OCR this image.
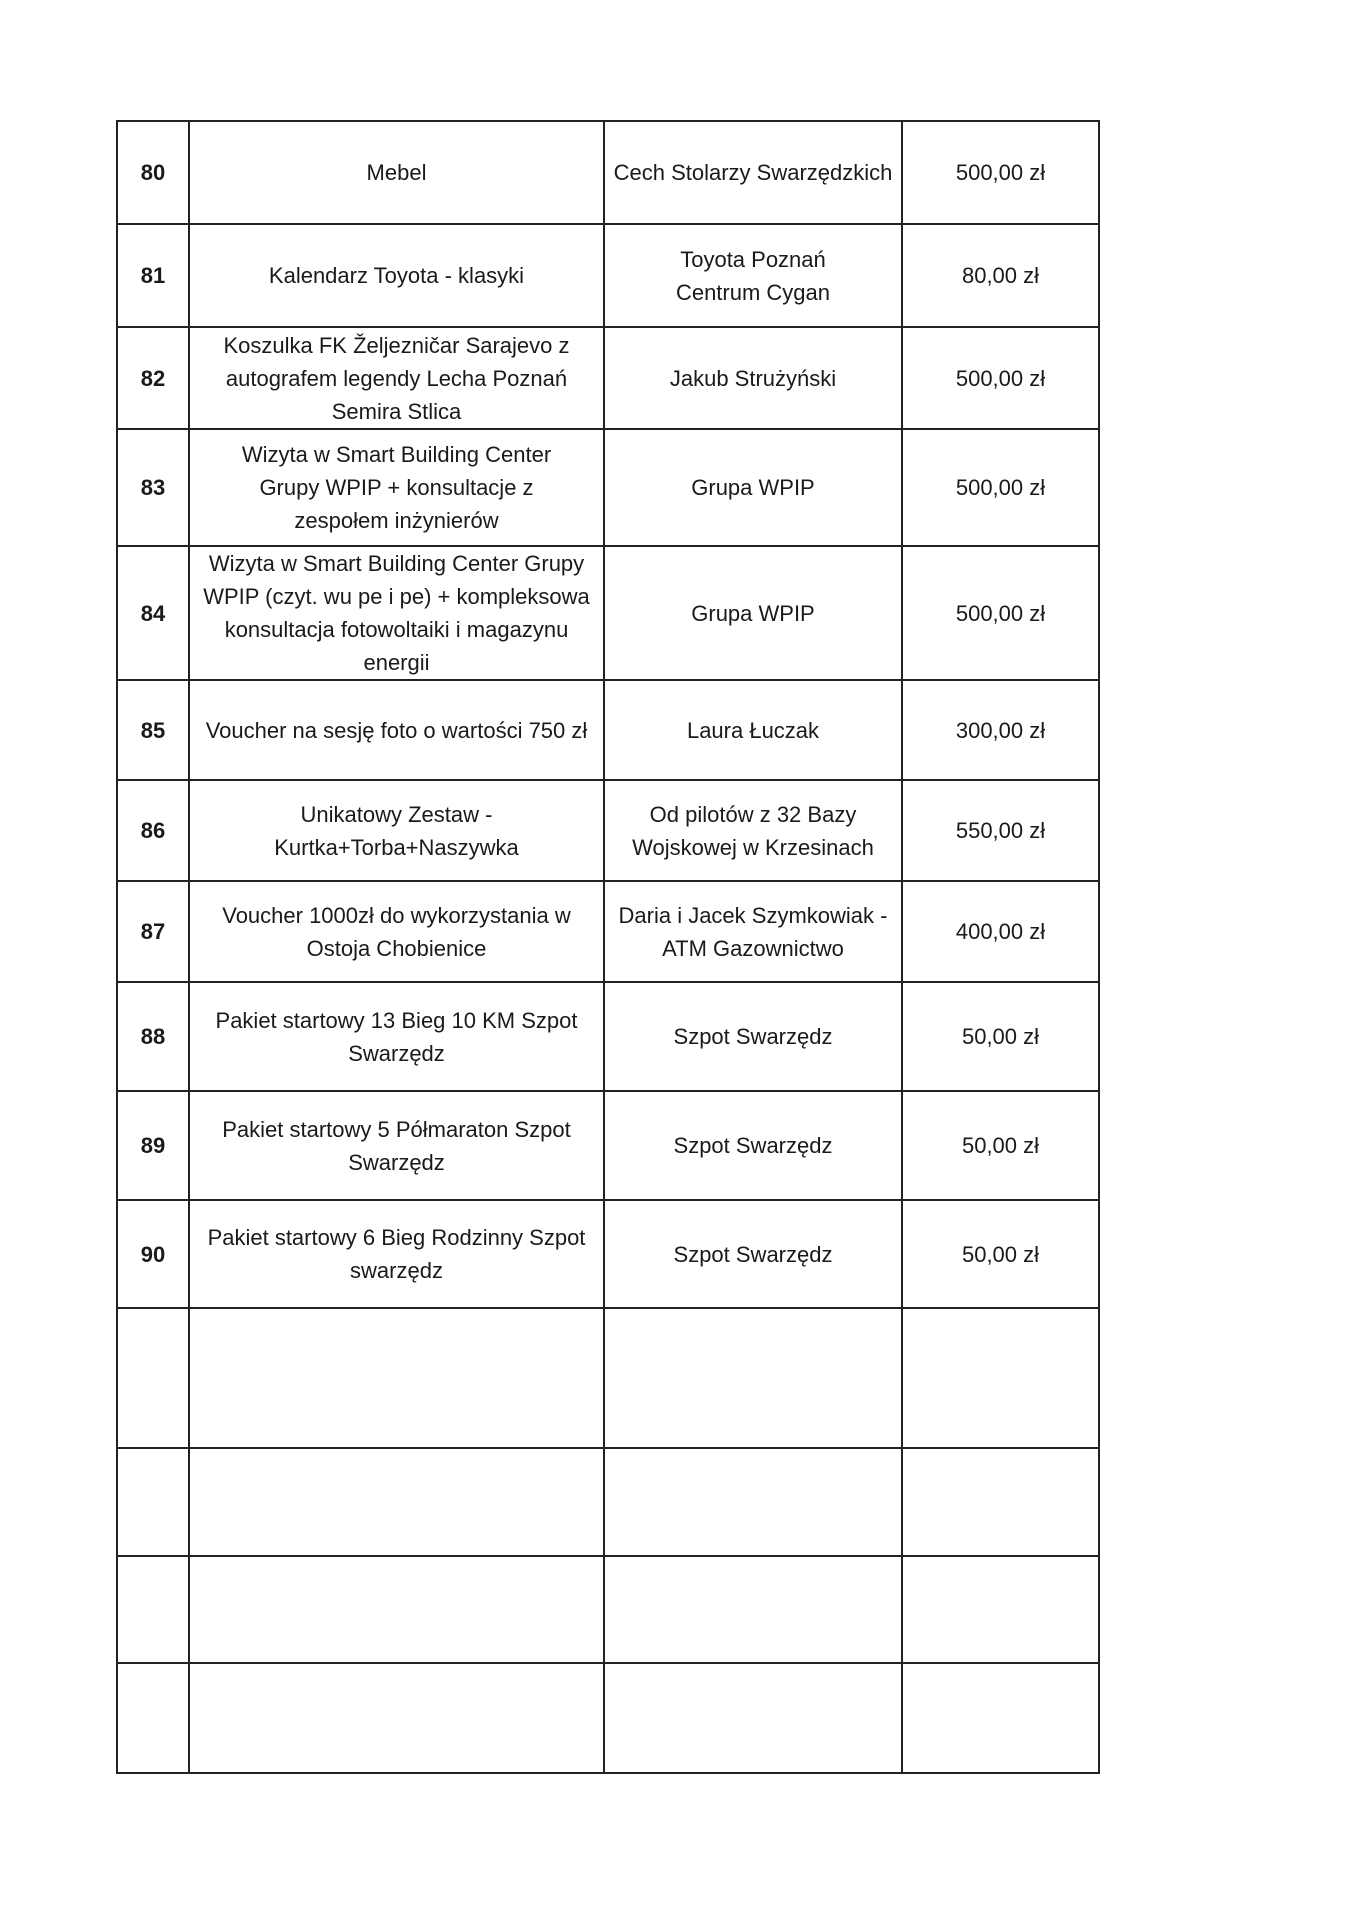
80	Mebel	Cech Stolarzy Swarzędzkich	500,00 zł
81	Kalendarz Toyota - klasyki	Toyota Poznań Centrum Cygan	80,00 zł
82	Koszulka FK Željezničar Sarajevo z autografem legendy Lecha Poznań Semira Stlica	Jakub Strużyński	500,00 zł
83	Wizyta w Smart Building Center Grupy WPIP + konsultacje z zespołem inżynierów	Grupa WPIP	500,00 zł
84	Wizyta w Smart Building Center Grupy WPIP (czyt. wu pe i pe) + kompleksowa konsultacja fotowoltaiki i magazynu energii	Grupa WPIP	500,00 zł
85	Voucher na sesję foto o wartości 750 zł	Laura Łuczak	300,00 zł
86	Unikatowy Zestaw - Kurtka+Torba+Naszywka	Od pilotów z 32 Bazy Wojskowej w Krzesinach	550,00 zł
87	Voucher 1000zł do wykorzystania w Ostoja Chobienice	Daria i Jacek Szymkowiak - ATM Gazownictwo	400,00 zł
88	Pakiet startowy 13 Bieg 10 KM Szpot Swarzędz	Szpot Swarzędz	50,00 zł
89	Pakiet startowy 5 Półmaraton Szpot Swarzędz	Szpot Swarzędz	50,00 zł
90	Pakiet startowy 6 Bieg Rodzinny Szpot swarzędz	Szpot Swarzędz	50,00 zł
